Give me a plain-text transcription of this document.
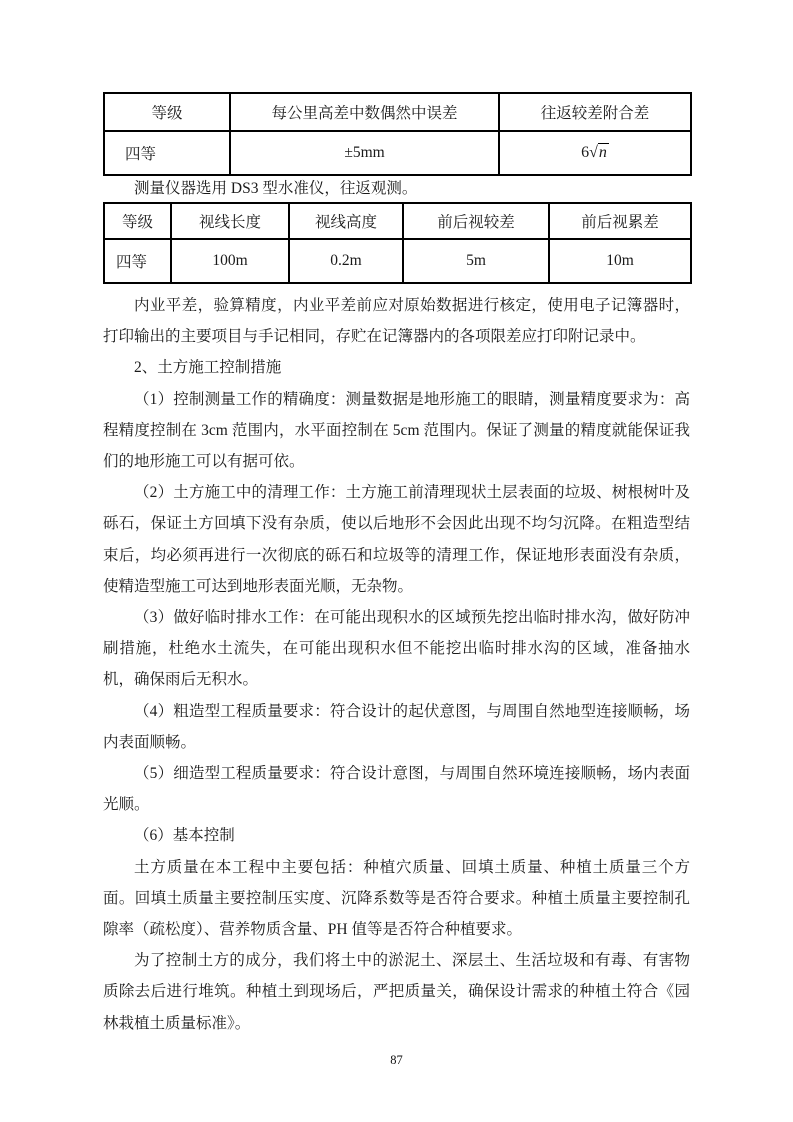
等级	每公里高差中数偶然中误差	往返较差附合差
四等	±5mm	6√n

测量仪器选用 DS3 型水准仪，往返观测。

等级	视线长度	视线高度	前后视较差	前后视累差
四等	100m	0.2m	5m	10m

内业平差，验算精度，内业平差前应对原始数据进行核定，使用电子记簿器时，打印输出的主要项目与手记相同，存贮在记簿器内的各项限差应打印附记录中。

2、土方施工控制措施

（1）控制测量工作的精确度：测量数据是地形施工的眼睛，测量精度要求为：高程精度控制在 3cm 范围内，水平面控制在 5cm 范围内。保证了测量的精度就能保证我们的地形施工可以有据可依。

（2）土方施工中的清理工作：土方施工前清理现状土层表面的垃圾、树根树叶及砾石，保证土方回填下没有杂质，使以后地形不会因此出现不均匀沉降。在粗造型结束后，均必须再进行一次彻底的砾石和垃圾等的清理工作，保证地形表面没有杂质，使精造型施工可达到地形表面光顺，无杂物。

（3）做好临时排水工作：在可能出现积水的区域预先挖出临时排水沟，做好防冲刷措施，杜绝水土流失，在可能出现积水但不能挖出临时排水沟的区域，准备抽水机，确保雨后无积水。

（4）粗造型工程质量要求：符合设计的起伏意图，与周围自然地型连接顺畅，场内表面顺畅。

（5）细造型工程质量要求：符合设计意图，与周围自然环境连接顺畅，场内表面光顺。

（6）基本控制

土方质量在本工程中主要包括：种植穴质量、回填土质量、种植土质量三个方面。回填土质量主要控制压实度、沉降系数等是否符合要求。种植土质量主要控制孔隙率（疏松度）、营养物质含量、PH 值等是否符合种植要求。

为了控制土方的成分，我们将土中的淤泥土、深层土、生活垃圾和有毒、有害物质除去后进行堆筑。种植土到现场后，严把质量关，确保设计需求的种植土符合《园林栽植土质量标准》。

87
